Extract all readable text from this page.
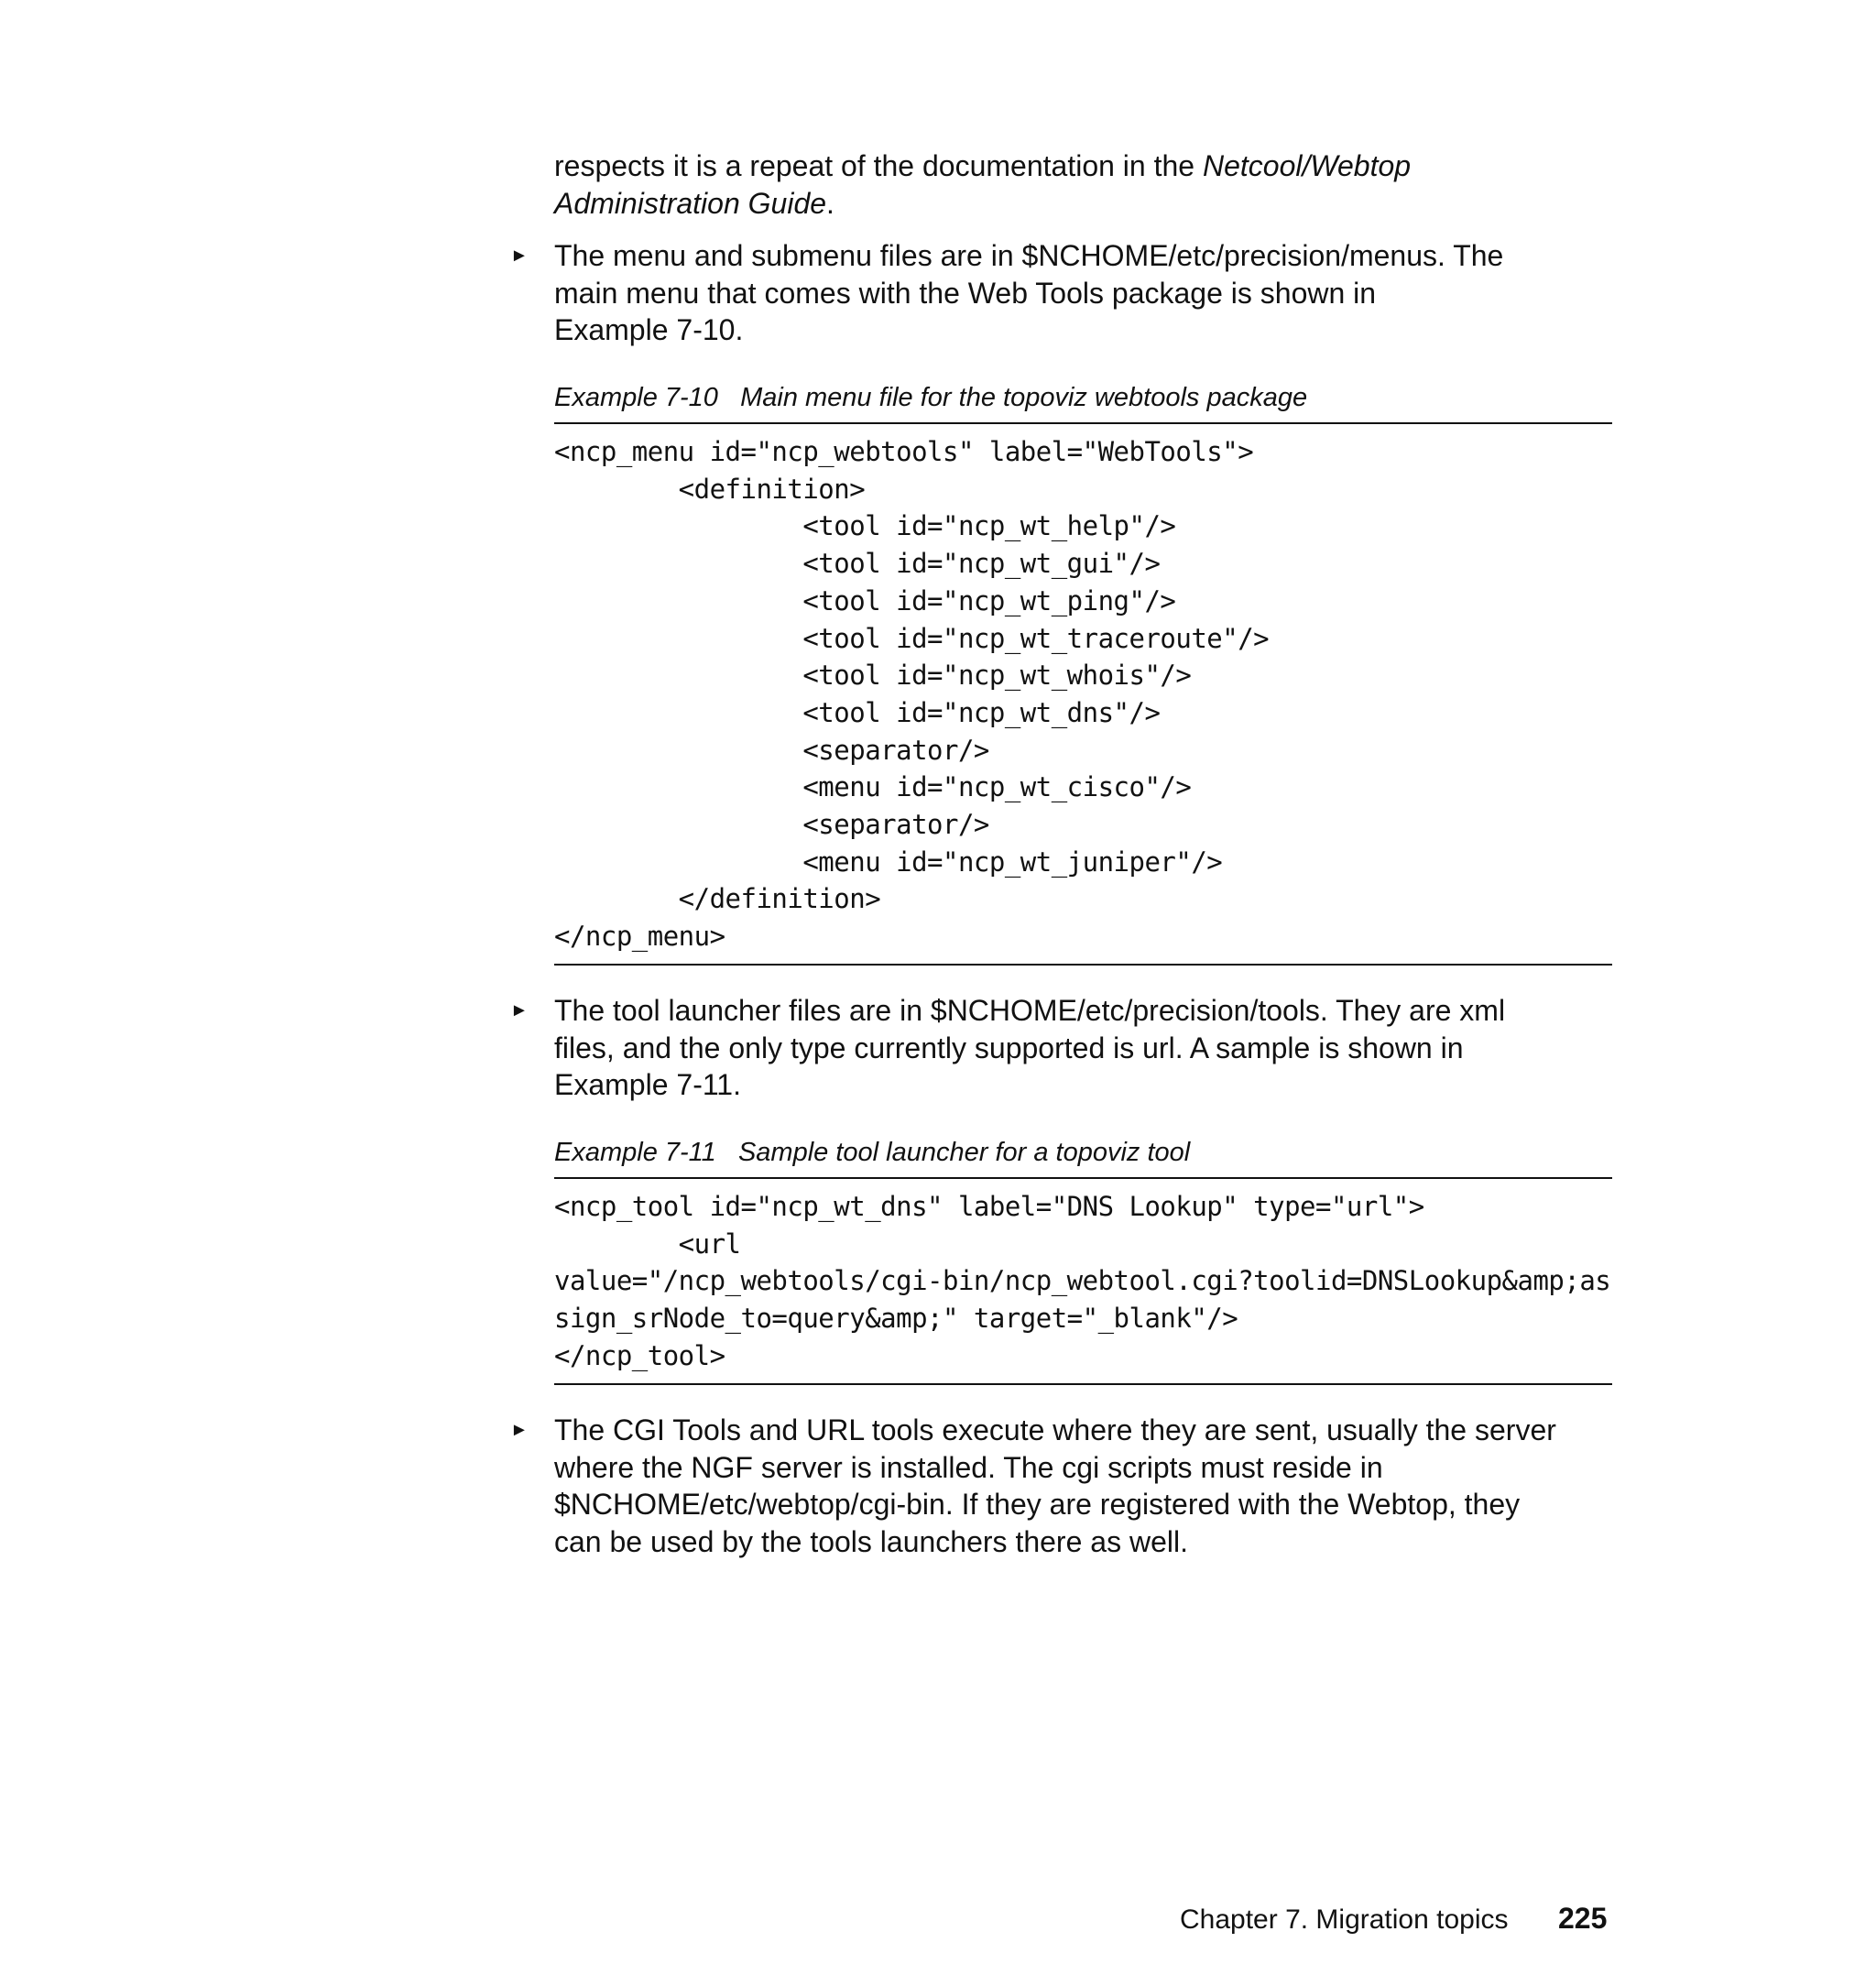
respects it is a repeat of the documentation in the Netcool/Webtop
Administration Guide.

► The menu and submenu files are in $NCHOME/etc/precision/menus. The
main menu that comes with the Web Tools package is shown in
Example 7-10.

Example 7-10   Main menu file for the topoviz webtools package

<ncp_menu id="ncp_webtools" label="WebTools">
<definition>
<tool id="ncp_wt_help"/>
<tool id="ncp_wt_gui"/>
<tool id="ncp_wt_ping"/>
<tool id="ncp_wt_traceroute"/>
<tool id="ncp_wt_whois"/>
<tool id="ncp_wt_dns"/>
<separator/>
<menu id="ncp_wt_cisco"/>
<separator/>
<menu id="ncp_wt_juniper"/>
</definition>
</ncp_menu>
► The tool launcher files are in $NCHOME/etc/precision/tools. They are xml
files, and the only type currently supported is url. A sample is shown in
Example 7-11.

Example 7-11   Sample tool launcher for a topoviz tool

<ncp_tool id="ncp_wt_dns" label="DNS Lookup" type="url">
<url
value="/ncp_webtools/cgi-bin/ncp_webtool.cgi?toolid=DNSLookup&amp;as
sign_srNode_to=query&amp;" target="_blank"/>
</ncp_tool>
► The CGI Tools and URL tools execute where they are sent, usually the server
where the NGF server is installed. The cgi scripts must reside in
$NCHOME/etc/webtop/cgi-bin. If they are registered with the Webtop, they
can be used by the tools launchers there as well.

Chapter 7. Migration topics 225
